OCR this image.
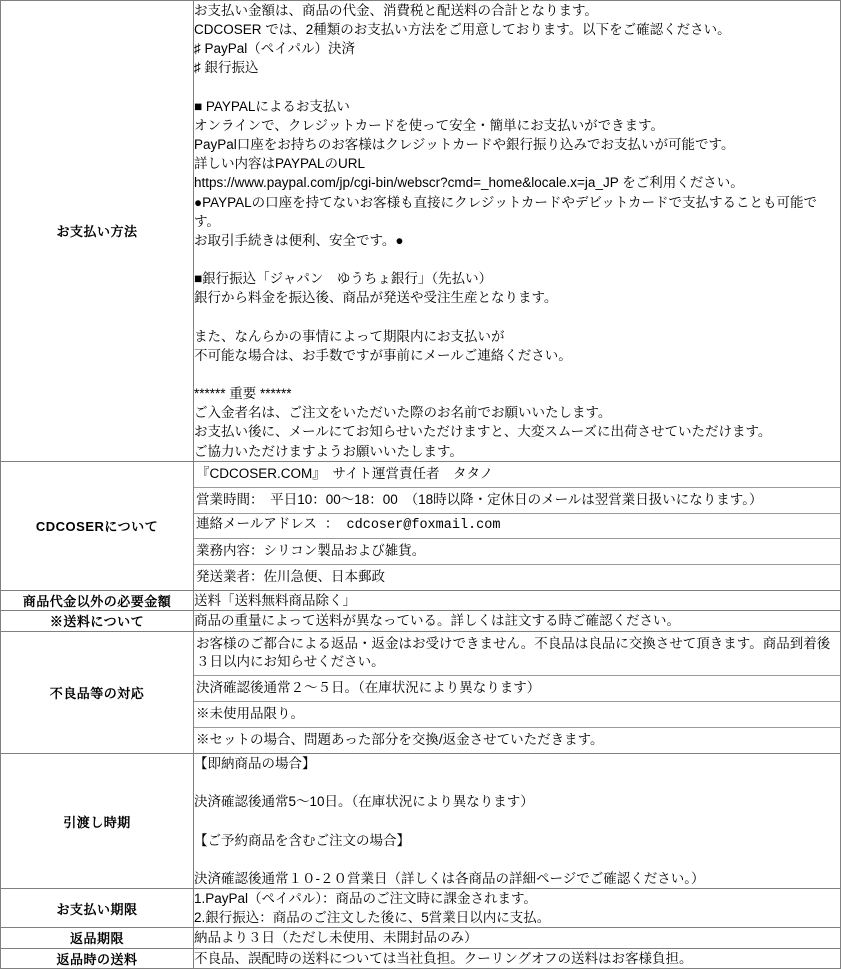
お支払い方法	
お支払い金額は、商品の代金、消費税と配送料の合計となります。
CDCOSER では、2種類のお支払い方法をご用意しております。以下をご確認ください。
♯ PayPal（ペイパル）決済
♯ 銀行振込
■ PAYPALによるお支払い
オンラインで、クレジットカードを使って安全・簡単にお支払いができます。
PayPal口座をお持ちのお客様はクレジットカードや銀行振り込みでお支払いが可能です。
詳しい内容はPAYPALのURL
https://www.paypal.com/jp/cgi-bin/webscr?cmd=_home&locale.x=ja_JP をご利用ください。
●PAYPALの口座を持てないお客様も直接にクレジットカードやデビットカードで支払することも可能です。
お取引手続きは便利、安全です。●
■銀行振込「ジャパン　ゆうちょ銀行」（先払い）
銀行から料金を振込後、商品が発送や受注生産となります。
また、なんらかの事情によって期限内にお支払いが
不可能な場合は、お手数ですが事前にメールご連絡ください。
****** 重要 ******
ご入金者名は、ご注文をいただいた際のお名前でお願いいたします。
お支払い後に、メールにてお知らせいただけますと、大変スムーズに出荷させていただけます。
ご協力いただけますようお願いいたします。

CDCOSERについて	
『CDCOSER.COM』　サイト運営責任者　タタノ
営業時間：　平日10：00～18：00　（18時以降・定休日のメールは翌営業日扱いになります。）
連絡メールアドレス ： cdcoser@foxmail.com
業務内容：シリコン製品および雑貨。
発送業者：佐川急便、日本郵政

商品代金以外の必要金額	送料「送料無料商品除く」

※送料について	商品の重量によって送料が異なっている。詳しくは註文する時ご確認ください。

不良品等の対応	
お客様のご都合による返品・返金はお受けできません。不良品は良品に交換させて頂きます。商品到着後３日以内にお知らせください。
決済確認後通常２～５日。（在庫状況により異なります）
※未使用品限り。
※セットの場合、問題あった部分を交換/返金させていただきます。

引渡し時期	
【即納商品の場合】
決済確認後通常5～10日。（在庫状況により異なります）
【ご予約商品を含むご注文の場合】
決済確認後通常１０-２０営業日（詳しくは各商品の詳細ページでご確認ください。）

お支払い期限	
1.PayPal（ペイパル）：商品のご注文時に課金されます。
2.銀行振込：商品のご注文した後に、5営業日以内に支払。

返品期限	納品より３日（ただし未使用、未開封品のみ）

返品時の送料	不良品、誤配時の送料については当社負担。クーリングオフの送料はお客様負担。
